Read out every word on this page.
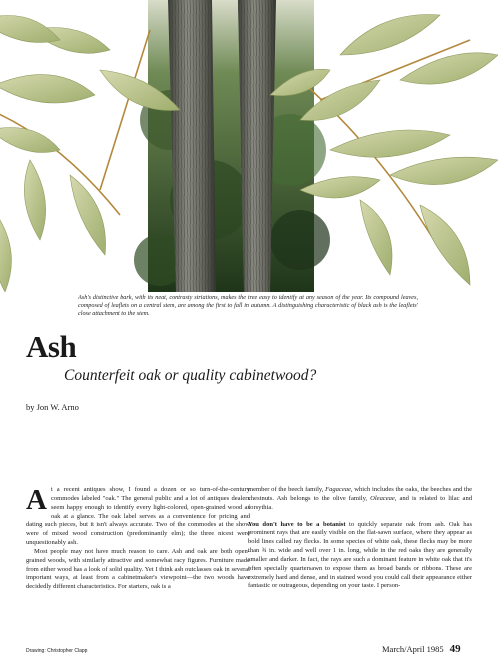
Ash's distinctive bark, with its neat, contrasty striations, makes the tree easy to identify at any season of the year. Its compound leaves, composed of leaflets on a central stem, are among the first to fall in autumn. A distinguishing characteristic of black ash is the leaflets' close attachment to the stem.
Ash
Counterfeit oak or quality cabinetwood?
by Jon W. Arno

At a recent antiques show, I found a dozen or so turn-of-the-century commodes labeled "oak." The general public and a lot of antiques dealers seem happy enough to identify every light-colored, open-grained wood as oak at a glance. The oak label serves as a convenience for pricing and dating such pieces, but it isn't always accurate. Two of the commodes at the show were of mixed wood construction (predominantly elm); the three nicest were unquestionably ash.

Most people may not have much reason to care. Ash and oak are both open-grained woods, with similarly attractive and somewhat racy figures. Furniture made from either wood has a look of solid quality. Yet I think ash outclasses oak in several important ways, at least from a cabinetmaker's viewpoint—the two woods have decidedly different characteristics. For starters, oak is a

member of the beech family, Fagaceae, which includes the oaks, the beeches and the chestnuts. Ash belongs to the olive family, Oleaceae, and is related to lilac and forsythia.

You don't have to be a botanist to quickly separate oak from ash. Oak has prominent rays that are easily visible on the flat-sawn surface, where they appear as bold lines called ray flecks. In some species of white oak, these flecks may be more than ¾ in. wide and well over 1 in. long, while in the red oaks they are generally smaller and darker. In fact, the rays are such a dominant feature in white oak that it's often specially quartersawn to expose them as broad bands or ribbons. These are extremely hard and dense, and in stained wood you could call their appearance either fantastic or outrageous, depending on your taste. I person-

Drawing: Christopher Clapp	March/April 1985 49
